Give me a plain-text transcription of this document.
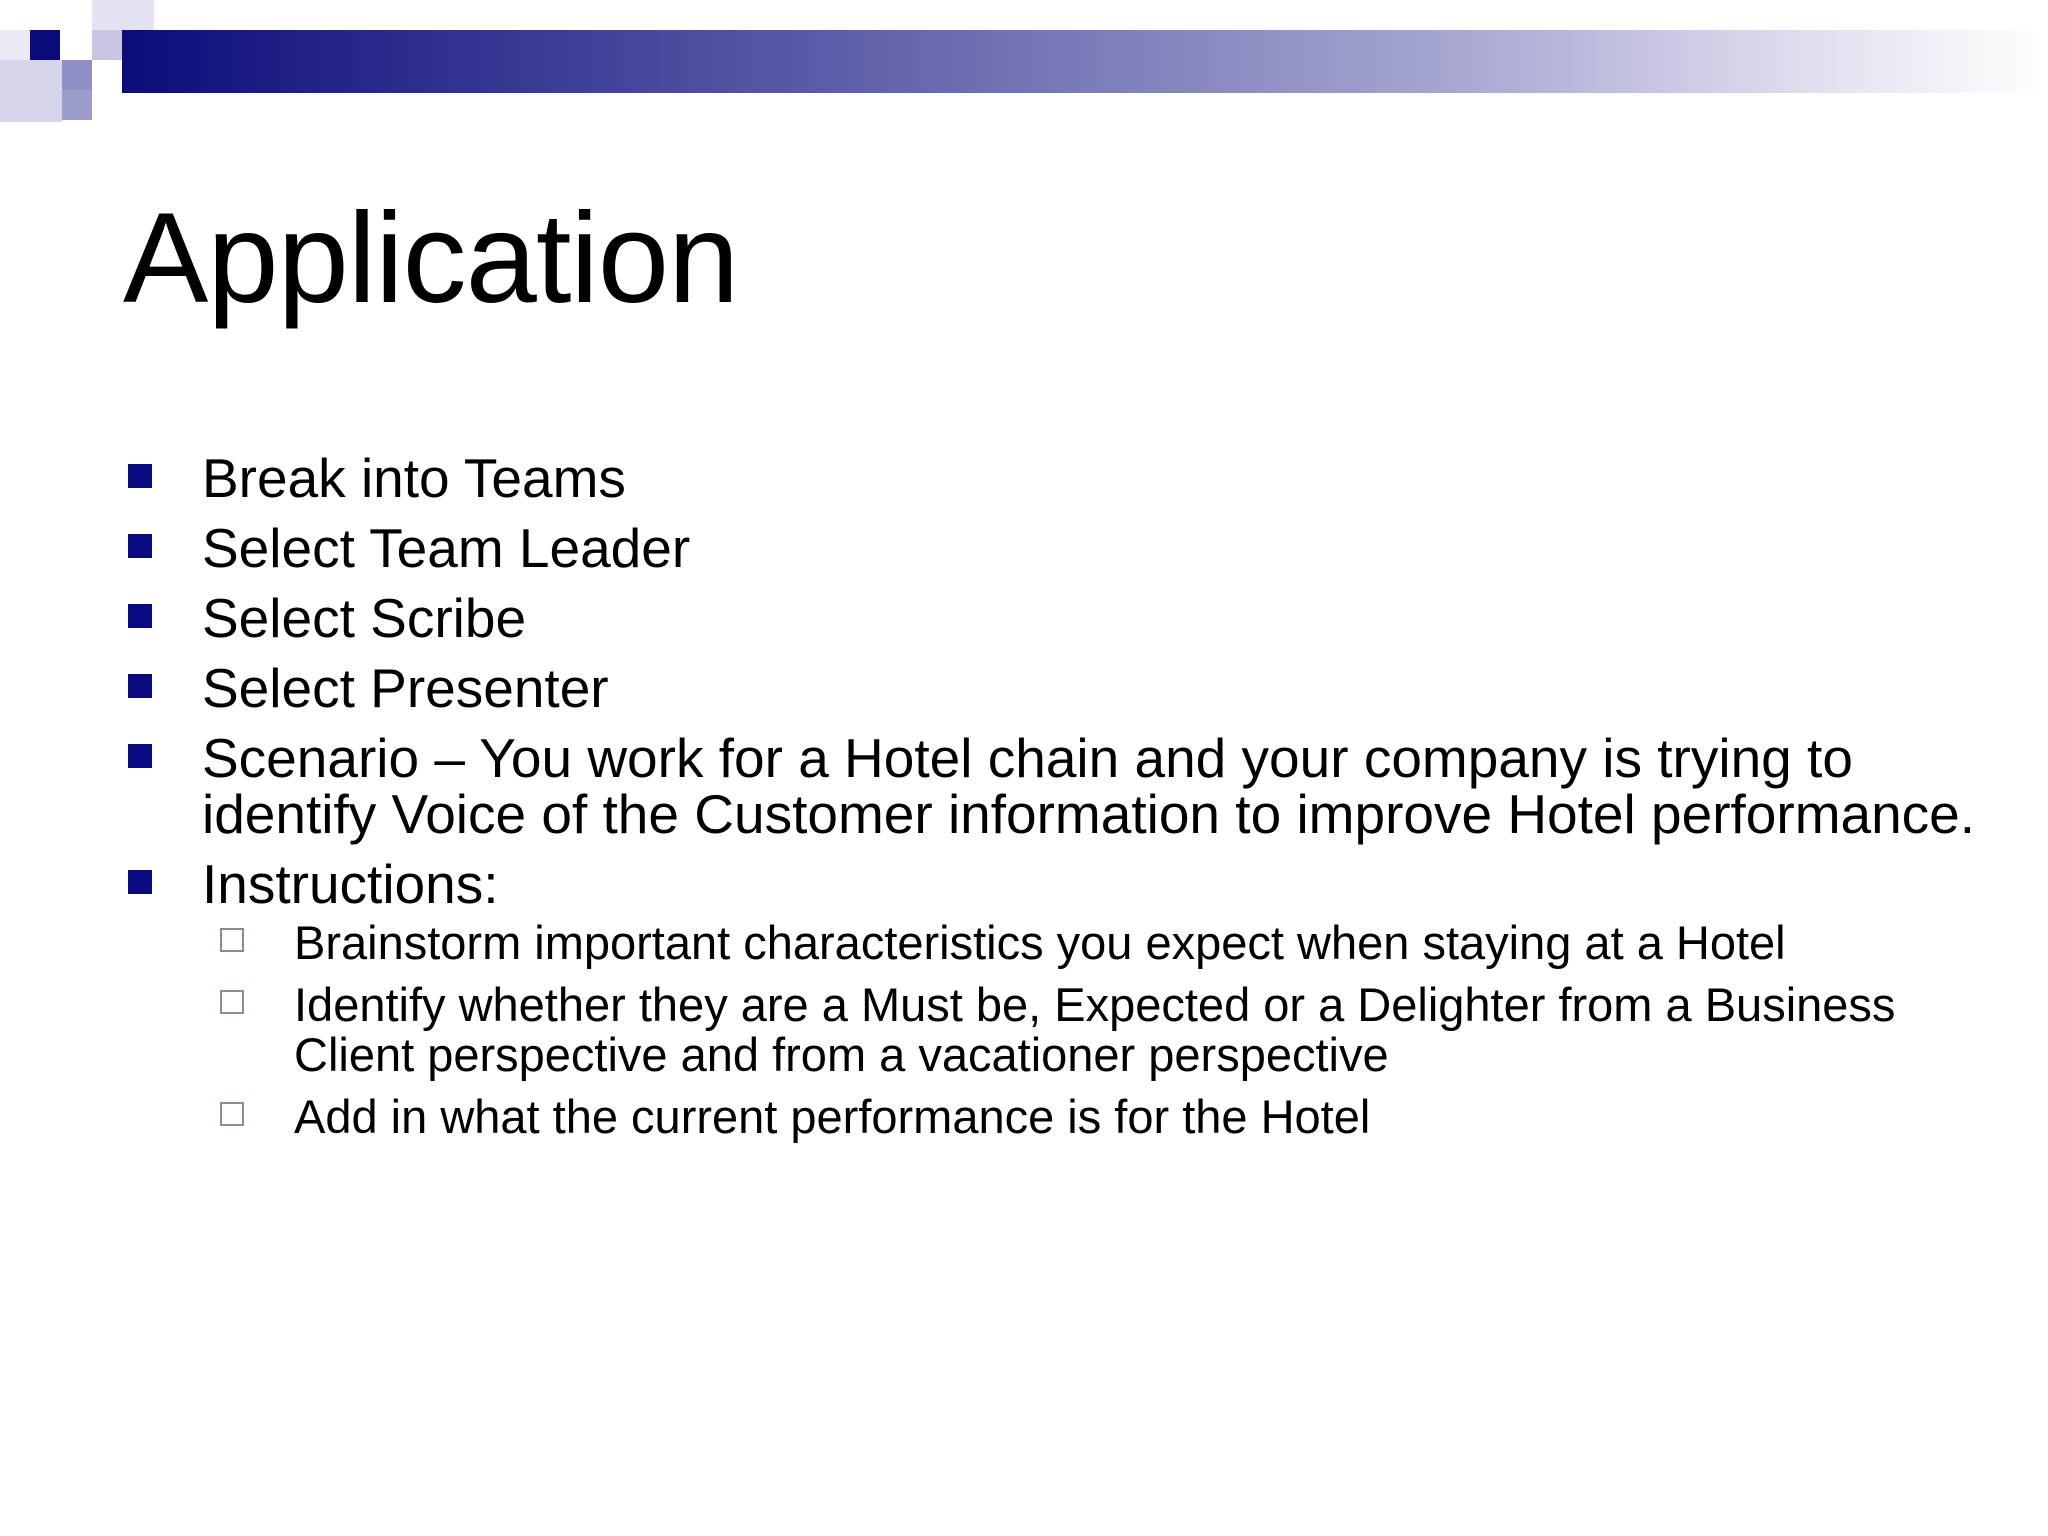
Application
Break into Teams
Select Team Leader
Select Scribe
Select Presenter
Scenario – You work for a Hotel chain and your company is trying to identify Voice of the Customer information to improve Hotel performance.
Instructions:
Brainstorm important characteristics you expect when staying at a Hotel
Identify whether they are a Must be, Expected or a Delighter from a Business Client perspective and from a vacationer perspective
Add in what the current performance is for the Hotel
